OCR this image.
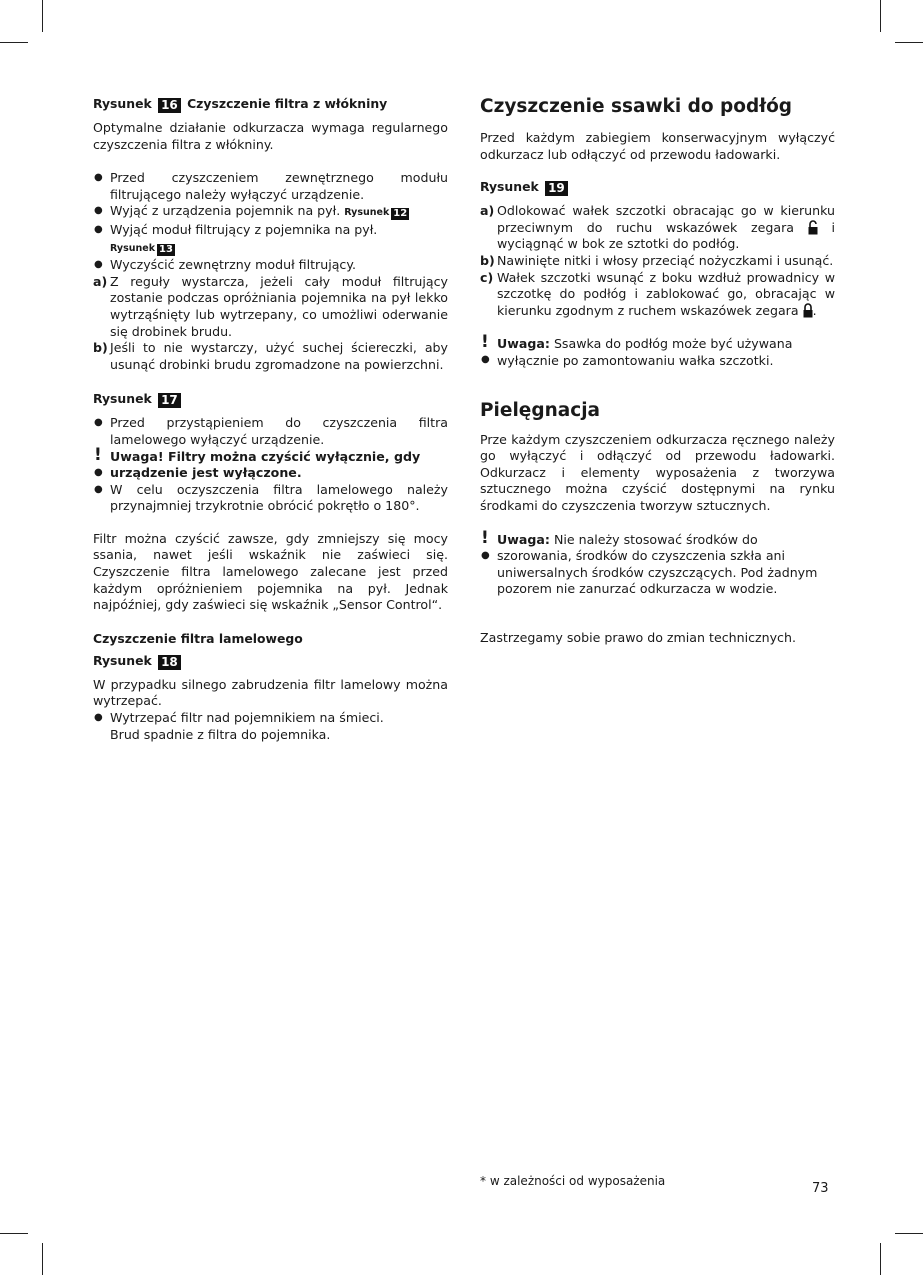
Rysunek 16 Czyszczenie filtra z włókniny

Optymalne działanie odkurzacza wymaga regularnego czyszczenia filtra z włókniny.

● Przed czyszczeniem zewnętrznego modułu filtrującego należy wyłączyć urządzenie.
● Wyjąć z urządzenia pojemnik na pył. Rysunek 12
● Wyjąć moduł filtrujący z pojemnika na pył.
Rysunek 13
● Wyczyścić zewnętrzny moduł filtrujący.
a) Z reguły wystarcza, jeżeli cały moduł filtrujący zostanie podczas opróżniania pojemnika na pył lekko wytrząśnięty lub wytrzepany, co umożliwi oderwanie się drobinek brudu.
b) Jeśli to nie wystarczy, użyć suchej ściereczki, aby usunąć drobinki brudu zgromadzone na powierzchni.
Rysunek 17
● Przed przystąpieniem do czyszczenia filtra lamelowego wyłączyć urządzenie.
!
●
Uwaga! Filtry można czyścić wyłącznie, gdy urządzenie jest wyłączone.
● W celu oczyszczenia filtra lamelowego należy przynajmniej trzykrotnie obrócić pokrętło o 180°.

Filtr można czyścić zawsze, gdy zmniejszy się mocy ssania, nawet jeśli wskaźnik nie zaświeci się. Czyszczenie filtra lamelowego zalecane jest przed każdym opróżnieniem pojemnika na pył. Jednak najpóźniej, gdy zaświeci się wskaźnik „Sensor Control“.

Czyszczenie filtra lamelowego
Rysunek 18

W przypadku silnego zabrudzenia filtr lamelowy można wytrzepać.

● Wytrzepać filtr nad pojemnikiem na śmieci.
Brud spadnie z filtra do pojemnika.
Czyszczenie ssawki do podłóg

Przed każdym zabiegiem konserwacyjnym wyłączyć odkurzacz lub odłączyć od przewodu ładowarki.

Rysunek 19
a) Odlokować wałek szczotki obracając go w kierunku przeciwnym do ruchu wskazówek zegara	i wyciągnąć w bok ze sztotki do podłóg.
b) Nawinięte nitki i włosy przeciąć nożyczkami i usunąć.
c) Wałek szczotki wsunąć z boku wzdłuż prowadnicy w szczotkę do podłóg i zablokować go, obracając w kierunku zgodnym z ruchem wskazówek zegara .
!
●
Uwaga: Ssawka do podłóg może być używana wyłącznie po zamontowaniu wałka szczotki.
Pielęgnacja

Prze każdym czyszczeniem odkurzacza ręcznego należy go wyłączyć i odłączyć od przewodu ładowarki. Odkurzacz i elementy wyposażenia z tworzywa sztucznego można czyścić dostępnymi na rynku środkami do czyszczenia tworzyw sztucznych.

!
●
Uwaga: Nie należy stosować środków do szorowania, środków do czyszczenia szkła ani uniwersalnych środków czyszczących. Pod żadnym pozorem nie zanurzać odkurzacza w wodzie.

Zastrzegamy sobie prawo do zmian technicznych.

* w zależności od wyposażenia	73
